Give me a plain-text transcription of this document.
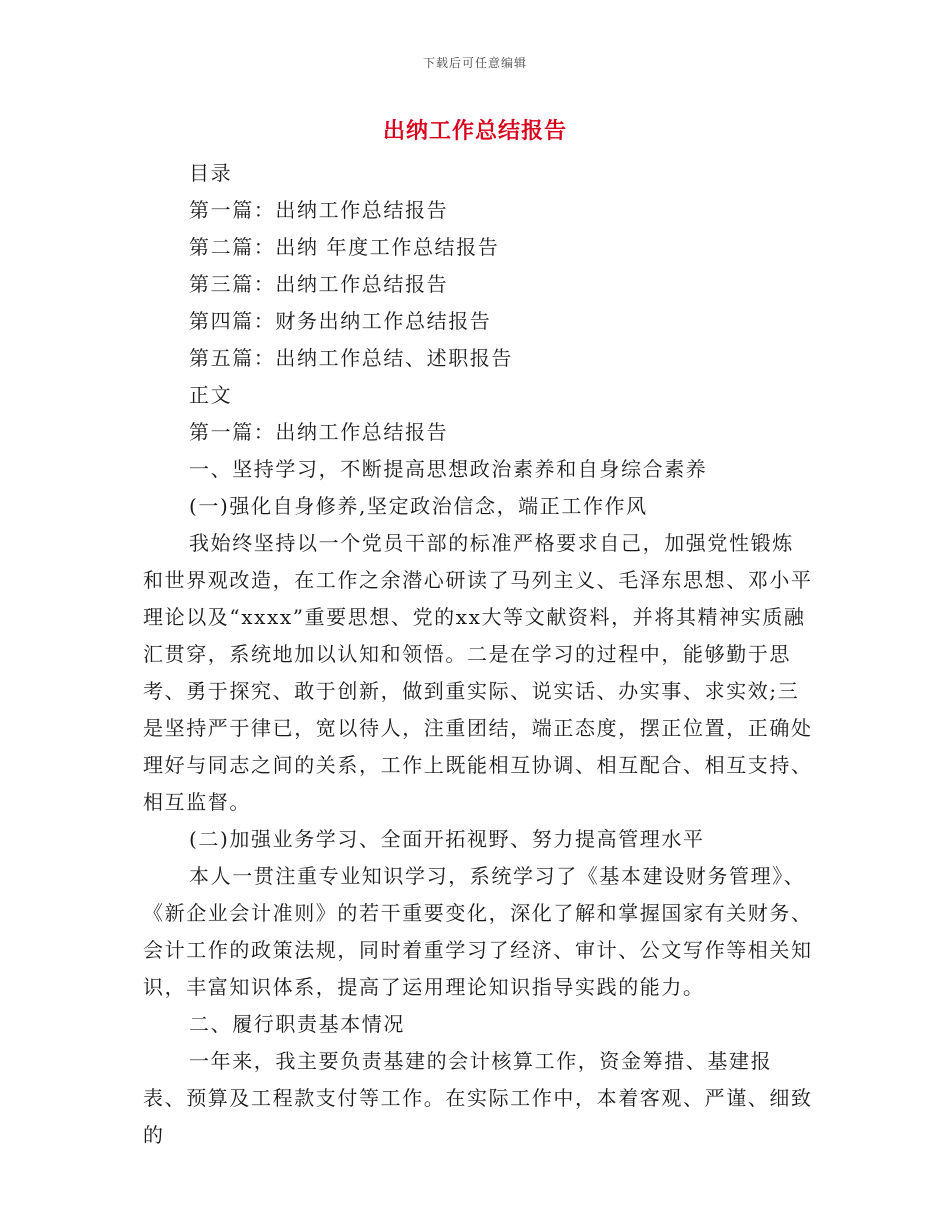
下载后可任意编辑
出纳工作总结报告

目录

第一篇：出纳工作总结报告

第二篇：出纳 年度工作总结报告

第三篇：出纳工作总结报告

第四篇：财务出纳工作总结报告

第五篇：出纳工作总结、述职报告

正文

第一篇：出纳工作总结报告

一、坚持学习，不断提高思想政治素养和自身综合素养

(一)强化自身修养,坚定政治信念，端正工作作风

我始终坚持以一个党员干部的标准严格要求自己，加强党性锻炼和世界观改造，在工作之余潜心研读了马列主义、毛泽东思想、邓小平理论以及“xxxx”重要思想、党的xx大等文献资料，并将其精神实质融汇贯穿，系统地加以认知和领悟。二是在学习的过程中，能够勤于思考、勇于探究、敢于创新，做到重实际、说实话、办实事、求实效;三是坚持严于律已，宽以待人，注重团结，端正态度，摆正位置，正确处理好与同志之间的关系，工作上既能相互协调、相互配合、相互支持、相互监督。

(二)加强业务学习、全面开拓视野、努力提高管理水平

本人一贯注重专业知识学习，系统学习了《基本建设财务管理》、《新企业会计准则》的若干重要变化，深化了解和掌握国家有关财务、会计工作的政策法规，同时着重学习了经济、审计、公文写作等相关知识，丰富知识体系，提高了运用理论知识指导实践的能力。

二、履行职责基本情况

一年来，我主要负责基建的会计核算工作，资金筹措、基建报表、预算及工程款支付等工作。在实际工作中，本着客观、严谨、细致的
